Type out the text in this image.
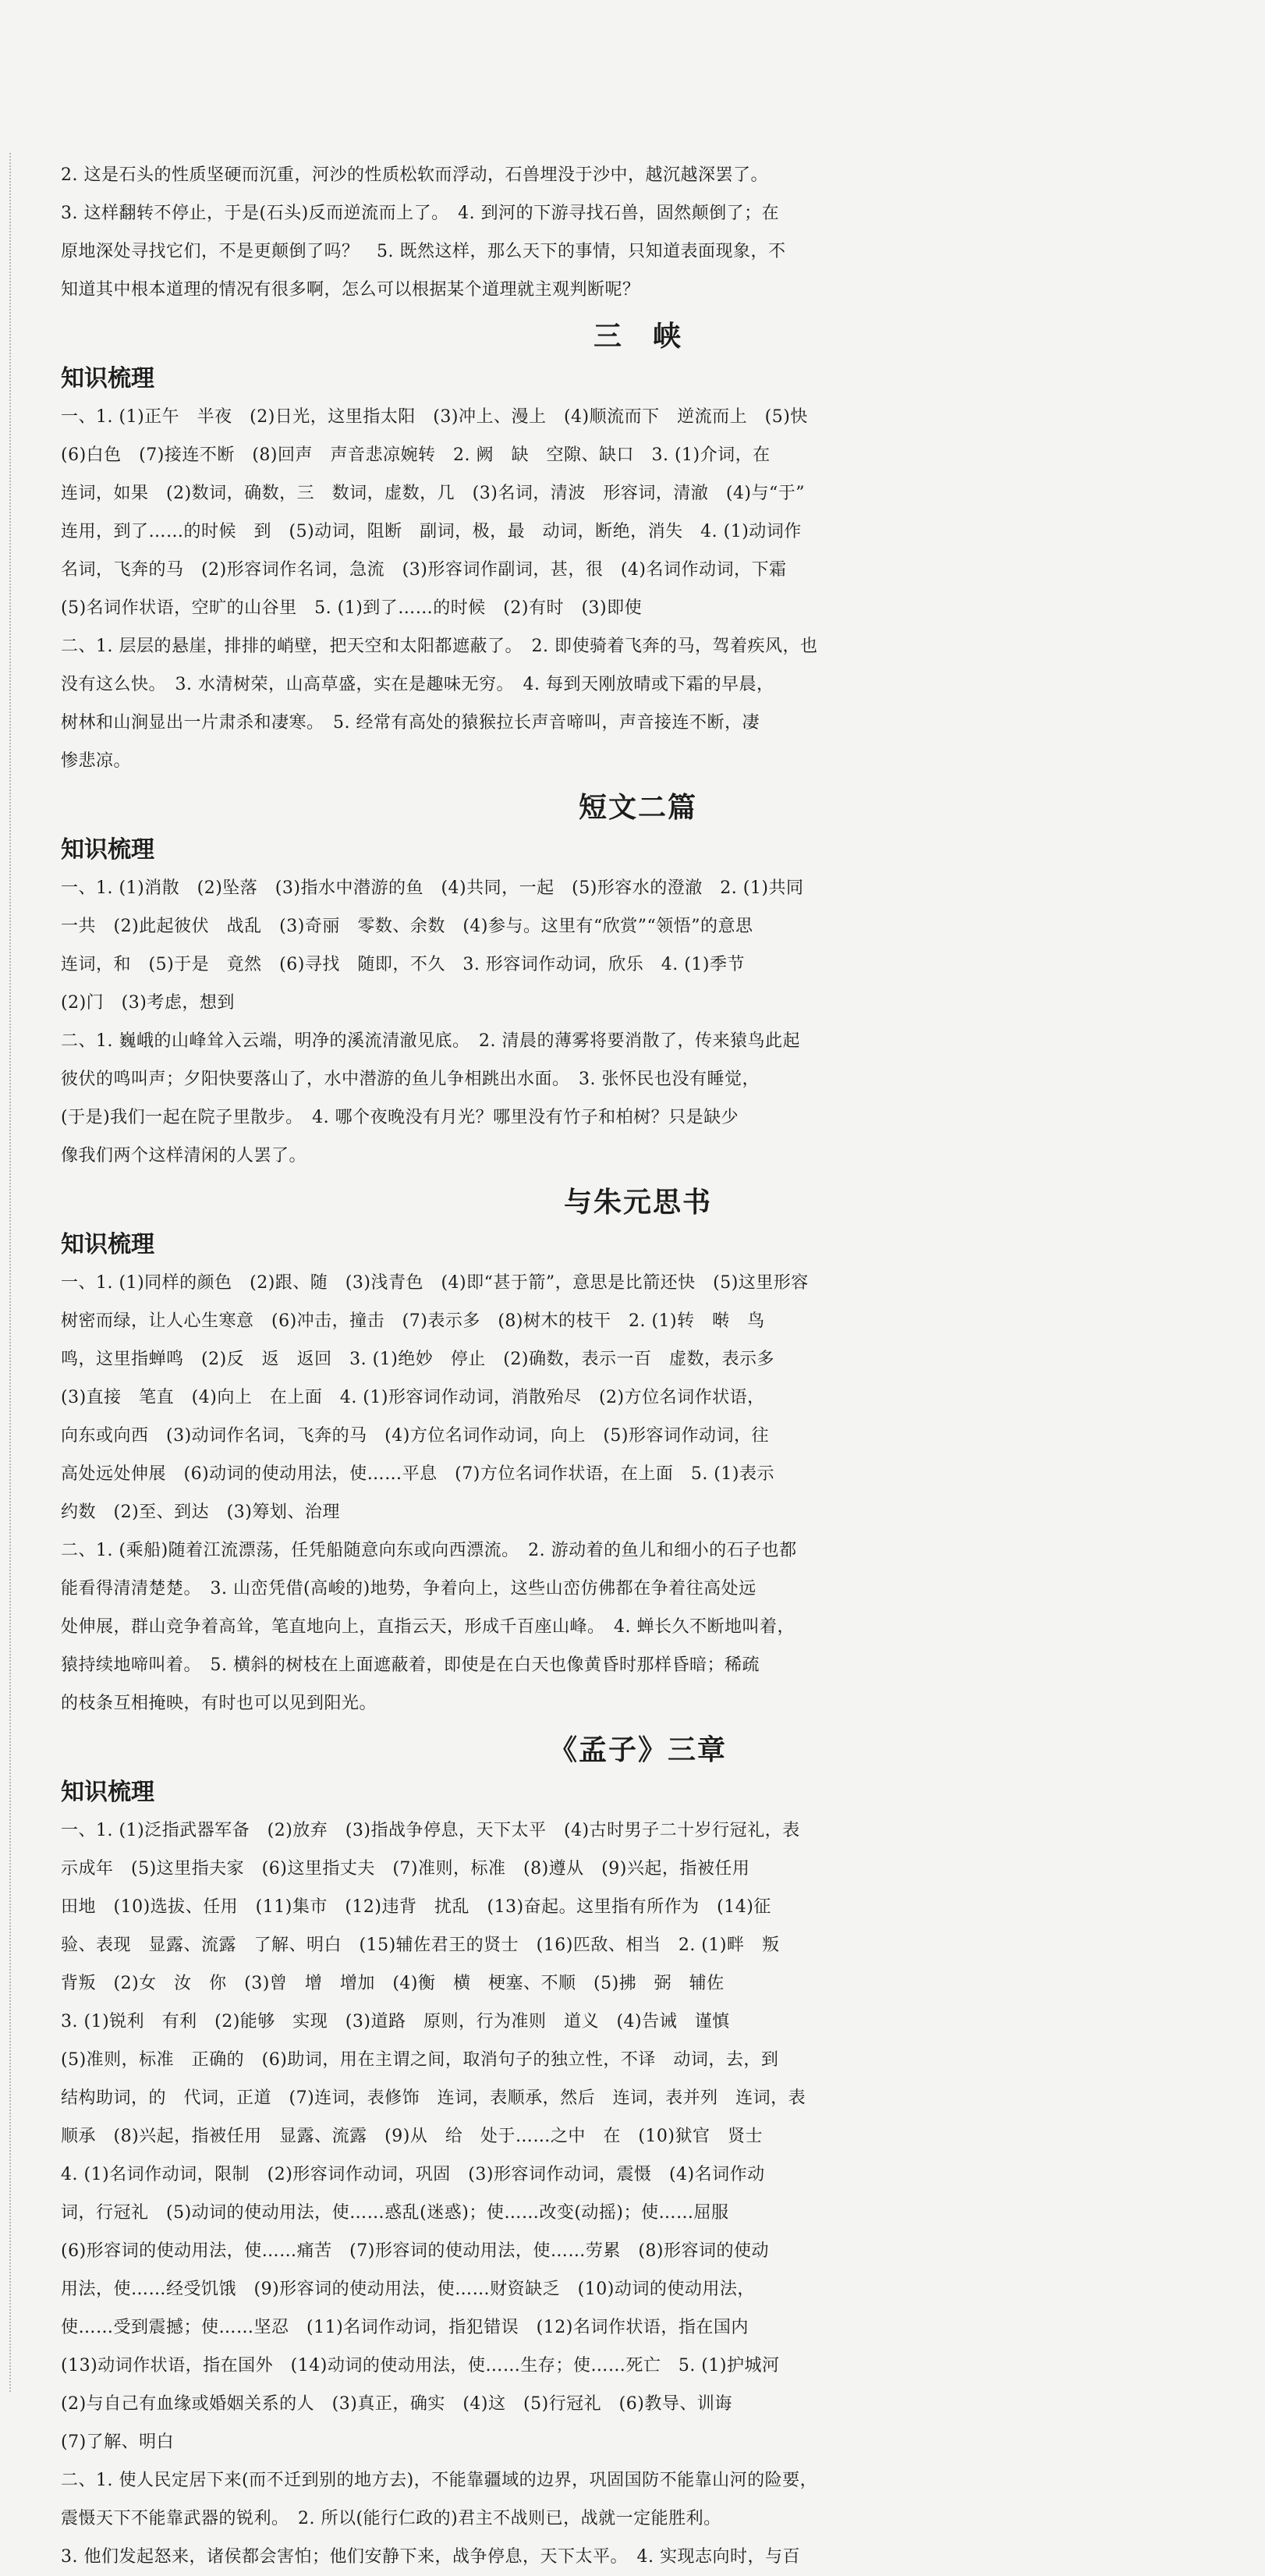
2. 这是石头的性质坚硬而沉重，河沙的性质松软而浮动，石兽埋没于沙中，越沉越深罢了。
3. 这样翻转不停止，于是(石头)反而逆流而上了。　4. 到河的下游寻找石兽，固然颠倒了；在
原地深处寻找它们，不是更颠倒了吗？　5. 既然这样，那么天下的事情，只知道表面现象，不
知道其中根本道理的情况有很多啊，怎么可以根据某个道理就主观判断呢？
三　峡
知识梳理
一、1. (1)正午　半夜　(2)日光，这里指太阳　(3)冲上、漫上　(4)顺流而下　逆流而上　(5)快
(6)白色　(7)接连不断　(8)回声　声音悲凉婉转　2. 阙　缺　空隙、缺口　3. (1)介词，在
连词，如果　(2)数词，确数，三　数词，虚数，几　(3)名词，清波　形容词，清澈　(4)与“于”
连用，到了……的时候　到　(5)动词，阻断　副词，极，最　动词，断绝，消失　4. (1)动词作
名词，飞奔的马　(2)形容词作名词，急流　(3)形容词作副词，甚，很　(4)名词作动词，下霜
(5)名词作状语，空旷的山谷里　5. (1)到了……的时候　(2)有时　(3)即使
二、1. 层层的悬崖，排排的峭壁，把天空和太阳都遮蔽了。　2. 即使骑着飞奔的马，驾着疾风，也
没有这么快。　3. 水清树荣，山高草盛，实在是趣味无穷。　4. 每到天刚放晴或下霜的早晨，
树林和山涧显出一片肃杀和凄寒。　5. 经常有高处的猿猴拉长声音啼叫，声音接连不断，凄
惨悲凉。
短文二篇
知识梳理
一、1. (1)消散　(2)坠落　(3)指水中潜游的鱼　(4)共同，一起　(5)形容水的澄澈　2. (1)共同
一共　(2)此起彼伏　战乱　(3)奇丽　零数、余数　(4)参与。这里有“欣赏”“领悟”的意思
连词，和　(5)于是　竟然　(6)寻找　随即，不久　3. 形容词作动词，欣乐　4. (1)季节
(2)门　(3)考虑，想到
二、1. 巍峨的山峰耸入云端，明净的溪流清澈见底。　2. 清晨的薄雾将要消散了，传来猿鸟此起
彼伏的鸣叫声；夕阳快要落山了，水中潜游的鱼儿争相跳出水面。　3. 张怀民也没有睡觉，
(于是)我们一起在院子里散步。　4. 哪个夜晚没有月光？哪里没有竹子和柏树？只是缺少
像我们两个这样清闲的人罢了。
与朱元思书
知识梳理
一、1. (1)同样的颜色　(2)跟、随　(3)浅青色　(4)即“甚于箭”，意思是比箭还快　(5)这里形容
树密而绿，让人心生寒意　(6)冲击，撞击　(7)表示多　(8)树木的枝干　2. (1)转　啭　鸟
鸣，这里指蝉鸣　(2)反　返　返回　3. (1)绝妙　停止　(2)确数，表示一百　虚数，表示多
(3)直接　笔直　(4)向上　在上面　4. (1)形容词作动词，消散殆尽　(2)方位名词作状语，
向东或向西　(3)动词作名词，飞奔的马　(4)方位名词作动词，向上　(5)形容词作动词，往
高处远处伸展　(6)动词的使动用法，使……平息　(7)方位名词作状语，在上面　5. (1)表示
约数　(2)至、到达　(3)筹划、治理
二、1. (乘船)随着江流漂荡，任凭船随意向东或向西漂流。　2. 游动着的鱼儿和细小的石子也都
能看得清清楚楚。　3. 山峦凭借(高峻的)地势，争着向上，这些山峦仿佛都在争着往高处远
处伸展，群山竞争着高耸，笔直地向上，直指云天，形成千百座山峰。　4. 蝉长久不断地叫着，
猿持续地啼叫着。　5. 横斜的树枝在上面遮蔽着，即使是在白天也像黄昏时那样昏暗；稀疏
的枝条互相掩映，有时也可以见到阳光。
《孟子》三章
知识梳理
一、1. (1)泛指武器军备　(2)放弃　(3)指战争停息，天下太平　(4)古时男子二十岁行冠礼，表
示成年　(5)这里指夫家　(6)这里指丈夫　(7)准则，标准　(8)遵从　(9)兴起，指被任用
田地　(10)选拔、任用　(11)集市　(12)违背　扰乱　(13)奋起。这里指有所作为　(14)征
验、表现　显露、流露　了解、明白　(15)辅佐君王的贤士　(16)匹敌、相当　2. (1)畔　叛
背叛　(2)女　汝　你　(3)曾　增　增加　(4)衡　横　梗塞、不顺　(5)拂　弼　辅佐
3. (1)锐利　有利　(2)能够　实现　(3)道路　原则，行为准则　道义　(4)告诫　谨慎
(5)准则，标准　正确的　(6)助词，用在主谓之间，取消句子的独立性，不译　动词，去，到
结构助词，的　代词，正道　(7)连词，表修饰　连词，表顺承，然后　连词，表并列　连词，表
顺承　(8)兴起，指被任用　显露、流露　(9)从　给　处于……之中　在　(10)狱官　贤士
4. (1)名词作动词，限制　(2)形容词作动词，巩固　(3)形容词作动词，震慑　(4)名词作动
词，行冠礼　(5)动词的使动用法，使……惑乱(迷惑)；使……改变(动摇)；使……屈服
(6)形容词的使动用法，使……痛苦　(7)形容词的使动用法，使……劳累　(8)形容词的使动
用法，使……经受饥饿　(9)形容词的使动用法，使……财资缺乏　(10)动词的使动用法，
使……受到震撼；使……坚忍　(11)名词作动词，指犯错误　(12)名词作状语，指在国内
(13)动词作状语，指在国外　(14)动词的使动用法，使……生存；使……死亡　5. (1)护城河
(2)与自己有血缘或婚姻关系的人　(3)真正，确实　(4)这　(5)行冠礼　(6)教导、训诲
(7)了解、明白
二、1. 使人民定居下来(而不迁到别的地方去)，不能靠疆域的边界，巩固国防不能靠山河的险要，
震慑天下不能靠武器的锐利。　2. 所以(能行仁政的)君主不战则已，战就一定能胜利。
3. 他们发起怒来，诸侯都会害怕；他们安静下来，战争停息，天下太平。　4. 实现志向时，与百
